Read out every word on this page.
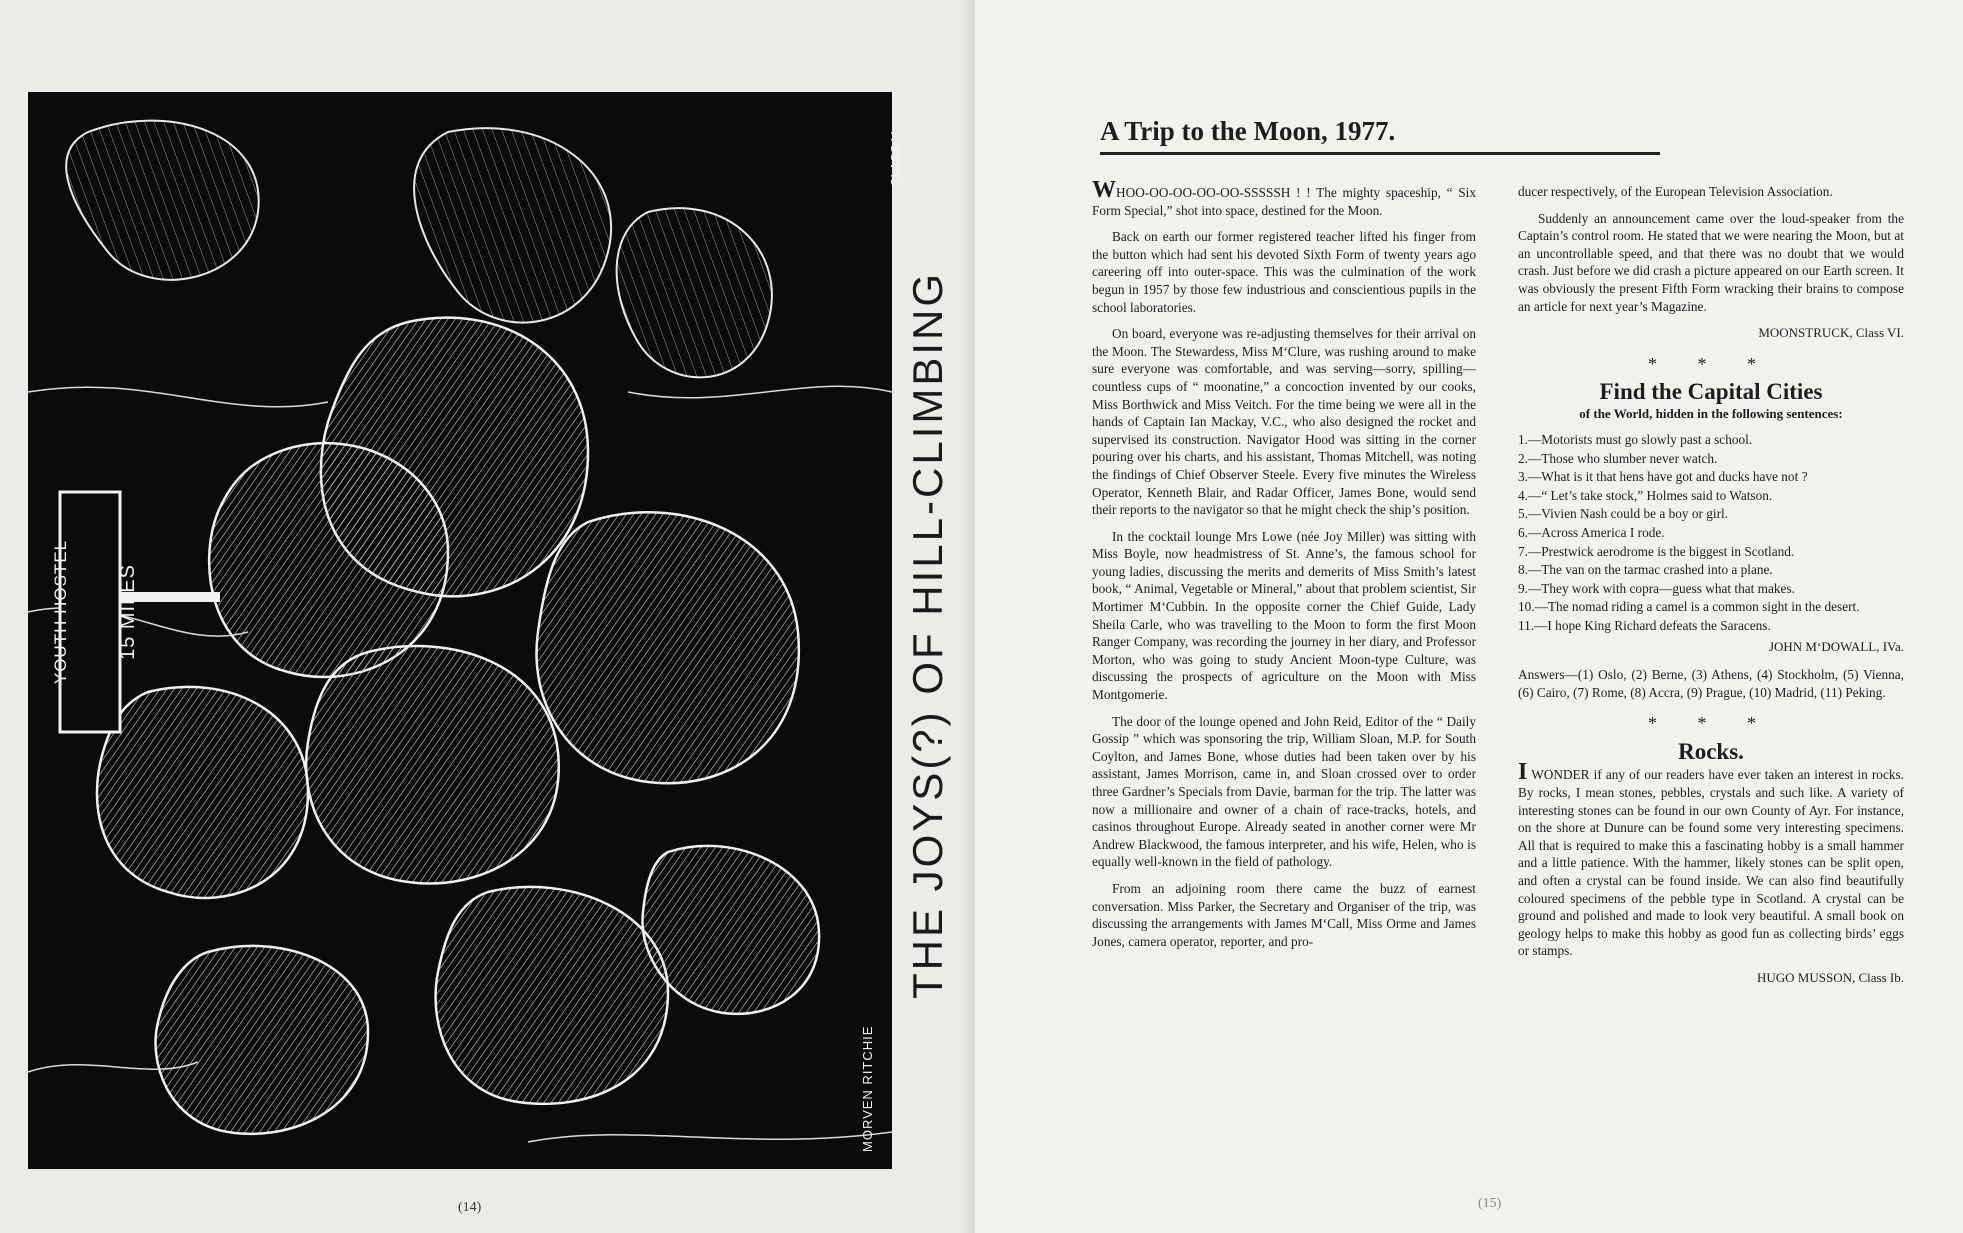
YOUTH HOSTEL 15 MILES
CLASS V
MORVEN RITCHIE
THE JOYS(?) OF HILL-CLIMBING
(14)
A Trip to the Moon, 1977.

WHOO-OO-OO-OO-OO-SSSSSH ! ! The mighty spaceship, “ Six Form Special,” shot into space, destined for the Moon.

Back on earth our former registered teacher lifted his finger from the button which had sent his devoted Sixth Form of twenty years ago careering off into outer-space. This was the culmination of the work begun in 1957 by those few industrious and conscientious pupils in the school laboratories.

On board, everyone was re-adjusting themselves for their arrival on the Moon. The Stewardess, Miss M‘Clure, was rushing around to make sure everyone was comfortable, and was serving—sorry, spilling—countless cups of “ moonatine,” a concoction invented by our cooks, Miss Borthwick and Miss Veitch. For the time being we were all in the hands of Captain Ian Mackay, V.C., who also designed the rocket and supervised its construction. Navigator Hood was sitting in the corner pouring over his charts, and his assistant, Thomas Mitchell, was noting the findings of Chief Observer Steele. Every five minutes the Wireless Operator, Kenneth Blair, and Radar Officer, James Bone, would send their reports to the navigator so that he might check the ship’s position.

In the cocktail lounge Mrs Lowe (née Joy Miller) was sitting with Miss Boyle, now headmistress of St. Anne’s, the famous school for young ladies, discussing the merits and demerits of Miss Smith’s latest book, “ Animal, Vegetable or Mineral,” about that problem scientist, Sir Mortimer M‘Cubbin. In the opposite corner the Chief Guide, Lady Sheila Carle, who was travelling to the Moon to form the first Moon Ranger Company, was recording the journey in her diary, and Professor Morton, who was going to study Ancient Moon-type Culture, was discussing the prospects of agriculture on the Moon with Miss Montgomerie.

The door of the lounge opened and John Reid, Editor of the “ Daily Gossip ” which was sponsoring the trip, William Sloan, M.P. for South Coylton, and James Bone, whose duties had been taken over by his assistant, James Morrison, came in, and Sloan crossed over to order three Gardner’s Specials from Davie, barman for the trip. The latter was now a millionaire and owner of a chain of race-tracks, hotels, and casinos throughout Europe. Already seated in another corner were Mr Andrew Blackwood, the famous interpreter, and his wife, Helen, who is equally well-known in the field of pathology.

From an adjoining room there came the buzz of earnest conversation. Miss Parker, the Secretary and Organiser of the trip, was discussing the arrangements with James M‘Call, Miss Orme and James Jones, camera operator, reporter, and pro-

ducer respectively, of the European Television Association.

Suddenly an announcement came over the loud-speaker from the Captain’s control room. He stated that we were nearing the Moon, but at an uncontrollable speed, and that there was no doubt that we would crash. Just before we did crash a picture appeared on our Earth screen. It was obviously the present Fifth Form wracking their brains to compose an article for next year’s Magazine.

MOONSTRUCK, Class VI.
* * *
Find the Capital Cities
of the World, hidden in the following sentences:
1.—Motorists must go slowly past a school.
2.—Those who slumber never watch.
3.—What is it that hens have got and ducks have not ?
4.—“ Let’s take stock,” Holmes said to Watson.
5.—Vivien Nash could be a boy or girl.
6.—Across America I rode.
7.—Prestwick aerodrome is the biggest in Scotland.
8.—The van on the tarmac crashed into a plane.
9.—They work with copra—guess what that makes.
10.—The nomad riding a camel is a common sight in the desert.
11.—I hope King Richard defeats the Saracens.
JOHN M‘DOWALL, IVa.
Answers—(1) Oslo, (2) Berne, (3) Athens, (4) Stockholm, (5) Vienna, (6) Cairo, (7) Rome, (8) Accra, (9) Prague, (10) Madrid, (11) Peking.
* * *
Rocks.

I WONDER if any of our readers have ever taken an interest in rocks. By rocks, I mean stones, pebbles, crystals and such like. A variety of interesting stones can be found in our own County of Ayr. For instance, on the shore at Dunure can be found some very interesting specimens. All that is required to make this a fascinating hobby is a small hammer and a little patience. With the hammer, likely stones can be split open, and often a crystal can be found inside. We can also find beautifully coloured specimens of the pebble type in Scotland. A crystal can be ground and polished and made to look very beautiful. A small book on geology helps to make this hobby as good fun as collecting birds’ eggs or stamps.

HUGO MUSSON, Class Ib.
(15)
